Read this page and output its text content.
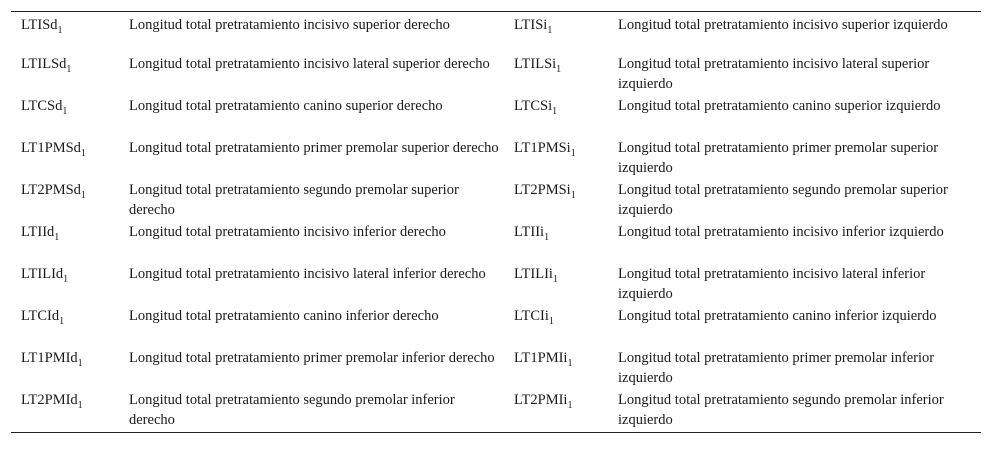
LTISd$_1$	Longitud total pretratamiento incisivo superior derecho	LTISi$_1$	Longitud total pretratamiento incisivo superior izquierdo
LTILSd$_1$	Longitud total pretratamiento incisivo lateral superior derecho	LTILSi$_1$	Longitud total pretratamiento incisivo lateral superior izquierdo
LTCSd$_1$	Longitud total pretratamiento canino superior derecho	LTCSi$_1$	Longitud total pretratamiento canino superior izquierdo
LT1PMSd$_1$	Longitud total pretratamiento primer premolar superior derecho	LT1PMSi$_1$	Longitud total pretratamiento primer premolar superior izquierdo
LT2PMSd$_1$	Longitud total pretratamiento segundo premolar superior derecho	LT2PMSi$_1$	Longitud total pretratamiento segundo premolar superior izquierdo
LTIId$_1$	Longitud total pretratamiento incisivo inferior derecho	LTIIi$_1$	Longitud total pretratamiento incisivo inferior izquierdo
LTILId$_1$	Longitud total pretratamiento incisivo lateral inferior derecho	LTILIi$_1$	Longitud total pretratamiento incisivo lateral inferior izquierdo
LTCId$_1$	Longitud total pretratamiento canino inferior derecho	LTCIi$_1$	Longitud total pretratamiento canino inferior izquierdo
LT1PMId$_1$	Longitud total pretratamiento primer premolar inferior derecho	LT1PMIi$_1$	Longitud total pretratamiento primer premolar inferior izquierdo
LT2PMId$_1$	Longitud total pretratamiento segundo premolar inferior derecho	LT2PMIi$_1$	Longitud total pretratamiento segundo premolar inferior izquierdo
